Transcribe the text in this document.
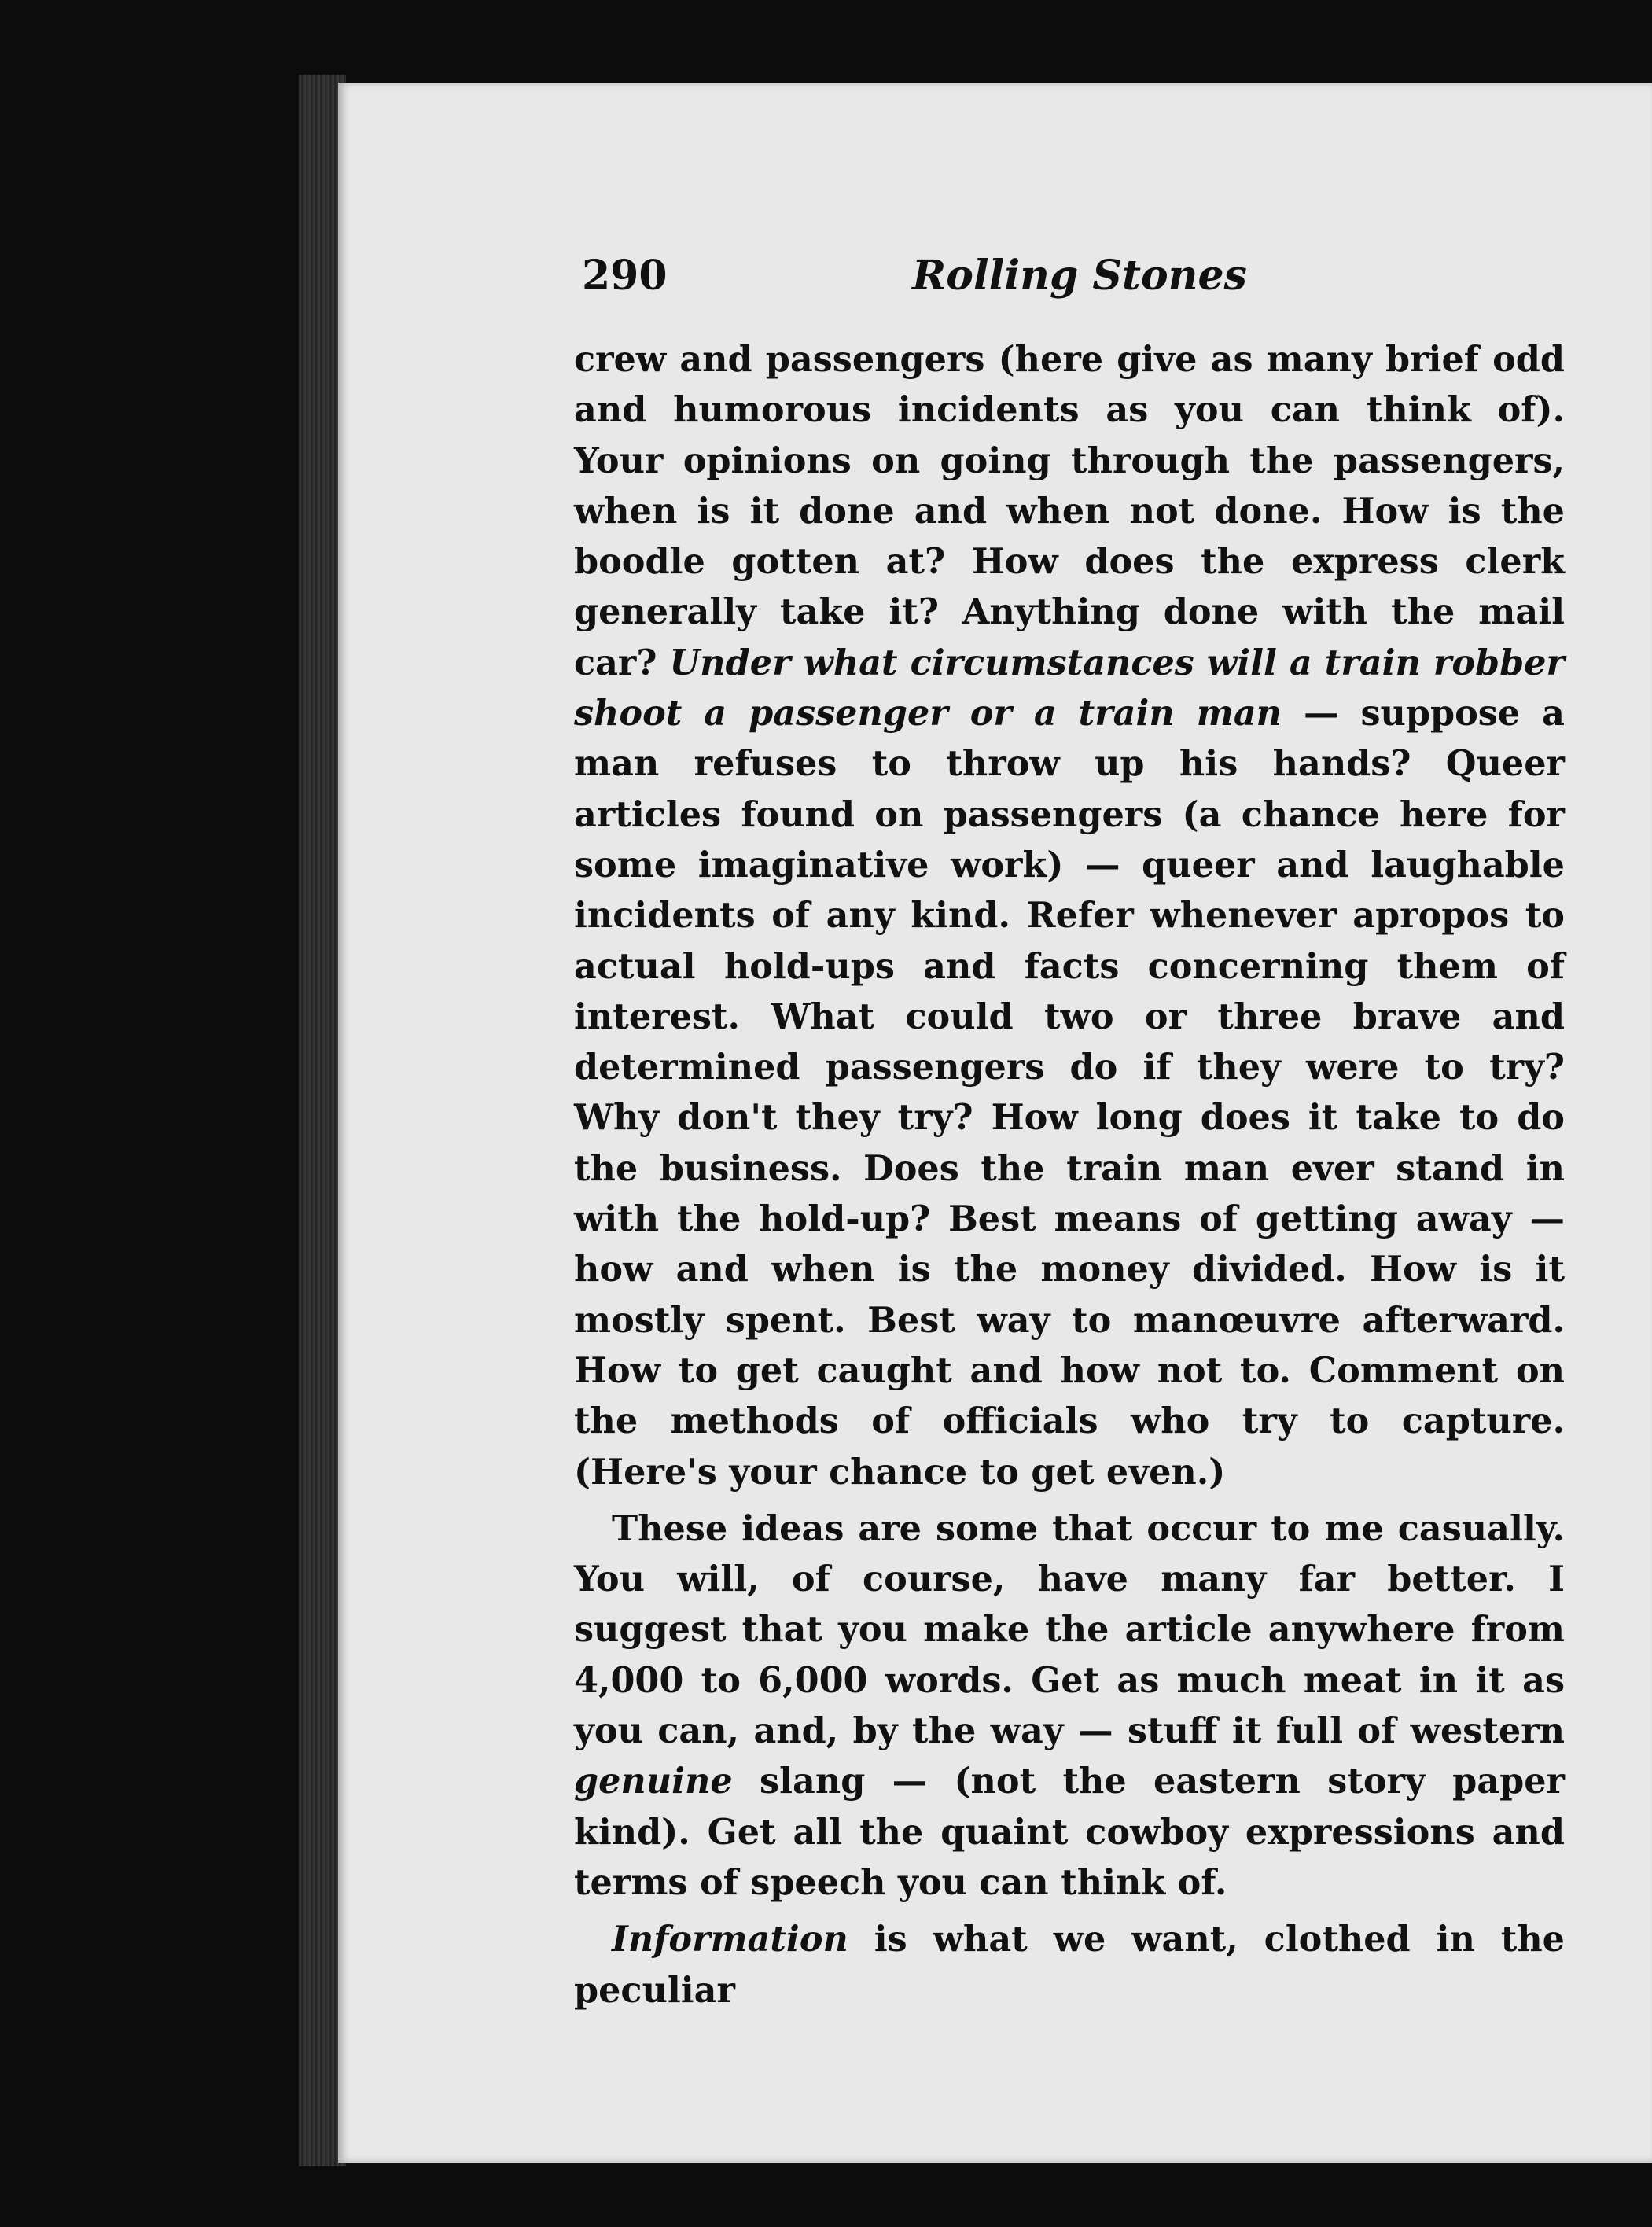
290	Rolling Stones

crew and passengers (here give as many brief odd and humorous incidents as you can think of). Your opinions on going through the passengers, when is it done and when not done. How is the boodle gotten at? How does the express clerk generally take it? Anything done with the mail car? Under what circumstances will a train robber shoot a passenger or a train man — suppose a man refuses to throw up his hands? Queer articles found on passengers (a chance here for some imaginative work) — queer and laughable incidents of any kind. Refer whenever apropos to actual hold-ups and facts concerning them of interest. What could two or three brave and determined passengers do if they were to try? Why don't they try? How long does it take to do the business. Does the train man ever stand in with the hold-up? Best means of getting away — how and when is the money divided. How is it mostly spent. Best way to manœuvre afterward. How to get caught and how not to. Comment on the methods of officials who try to capture. (Here's your chance to get even.)

These ideas are some that occur to me casually. You will, of course, have many far better. I suggest that you make the article anywhere from 4,000 to 6,000 words. Get as much meat in it as you can, and, by the way — stuff it full of western genuine slang — (not the eastern story paper kind). Get all the quaint cowboy expressions and terms of speech you can think of.

Information is what we want, clothed in the peculiar
